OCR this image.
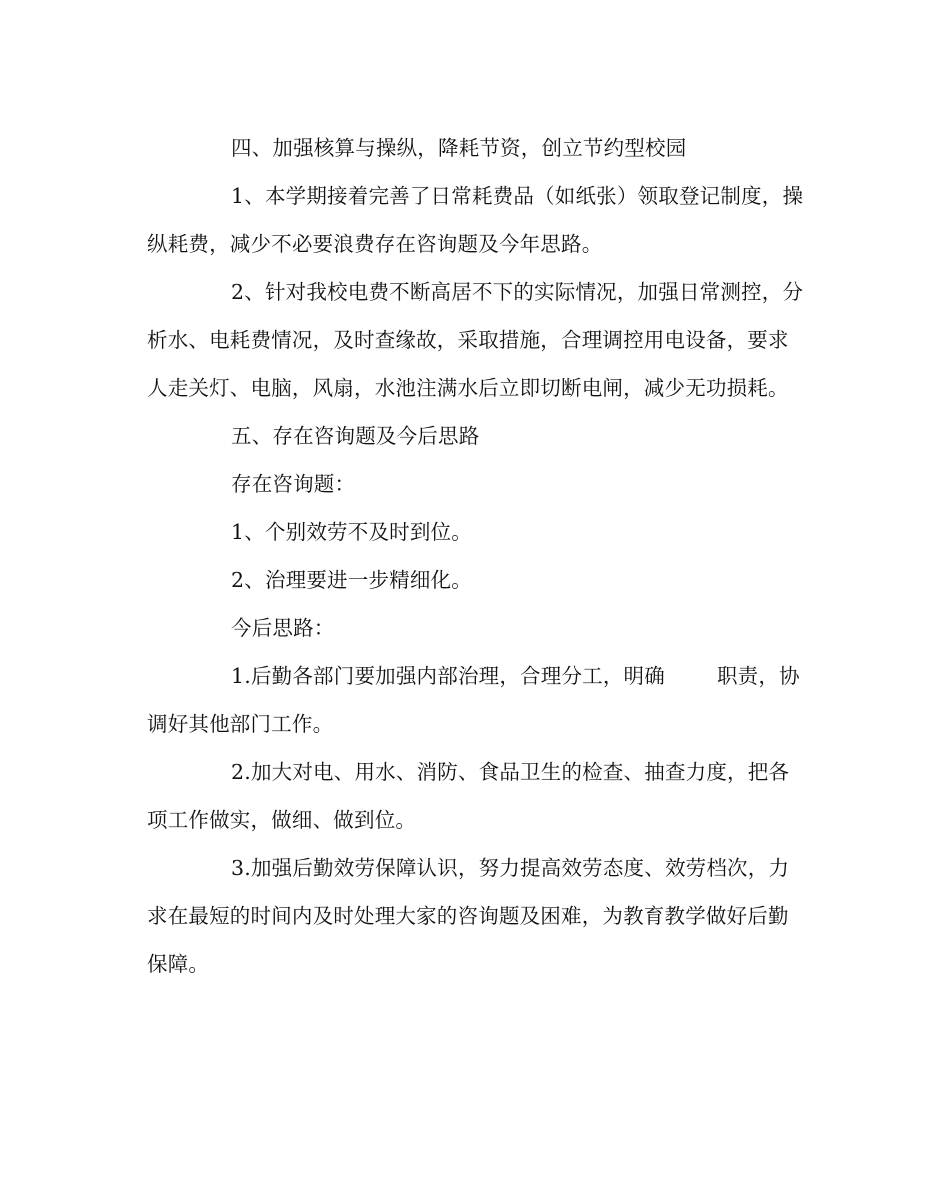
四、加强核算与操纵，降耗节资，创立节约型校园

1、本学期接着完善了日常耗费品（如纸张）领取登记制度，操纵耗费，减少不必要浪费存在咨询题及今年思路。

2、针对我校电费不断高居不下的实际情况，加强日常测控，分析水、电耗费情况，及时查缘故，采取措施，合理调控用电设备，要求人走关灯、电脑，风扇，水池注满水后立即切断电闸，减少无功损耗。

五、存在咨询题及今后思路

存在咨询题：

1、个别效劳不及时到位。

2、治理要进一步精细化。

今后思路：

1.后勤各部门要加强内部治理，合理分工，明确	职责，协调好其他部门工作。

2.加大对电、用水、消防、食品卫生的检查、抽查力度，把各项工作做实，做细、做到位。

3.加强后勤效劳保障认识，努力提高效劳态度、效劳档次，力求在最短的时间内及时处理大家的咨询题及困难，为教育教学做好后勤保障。
